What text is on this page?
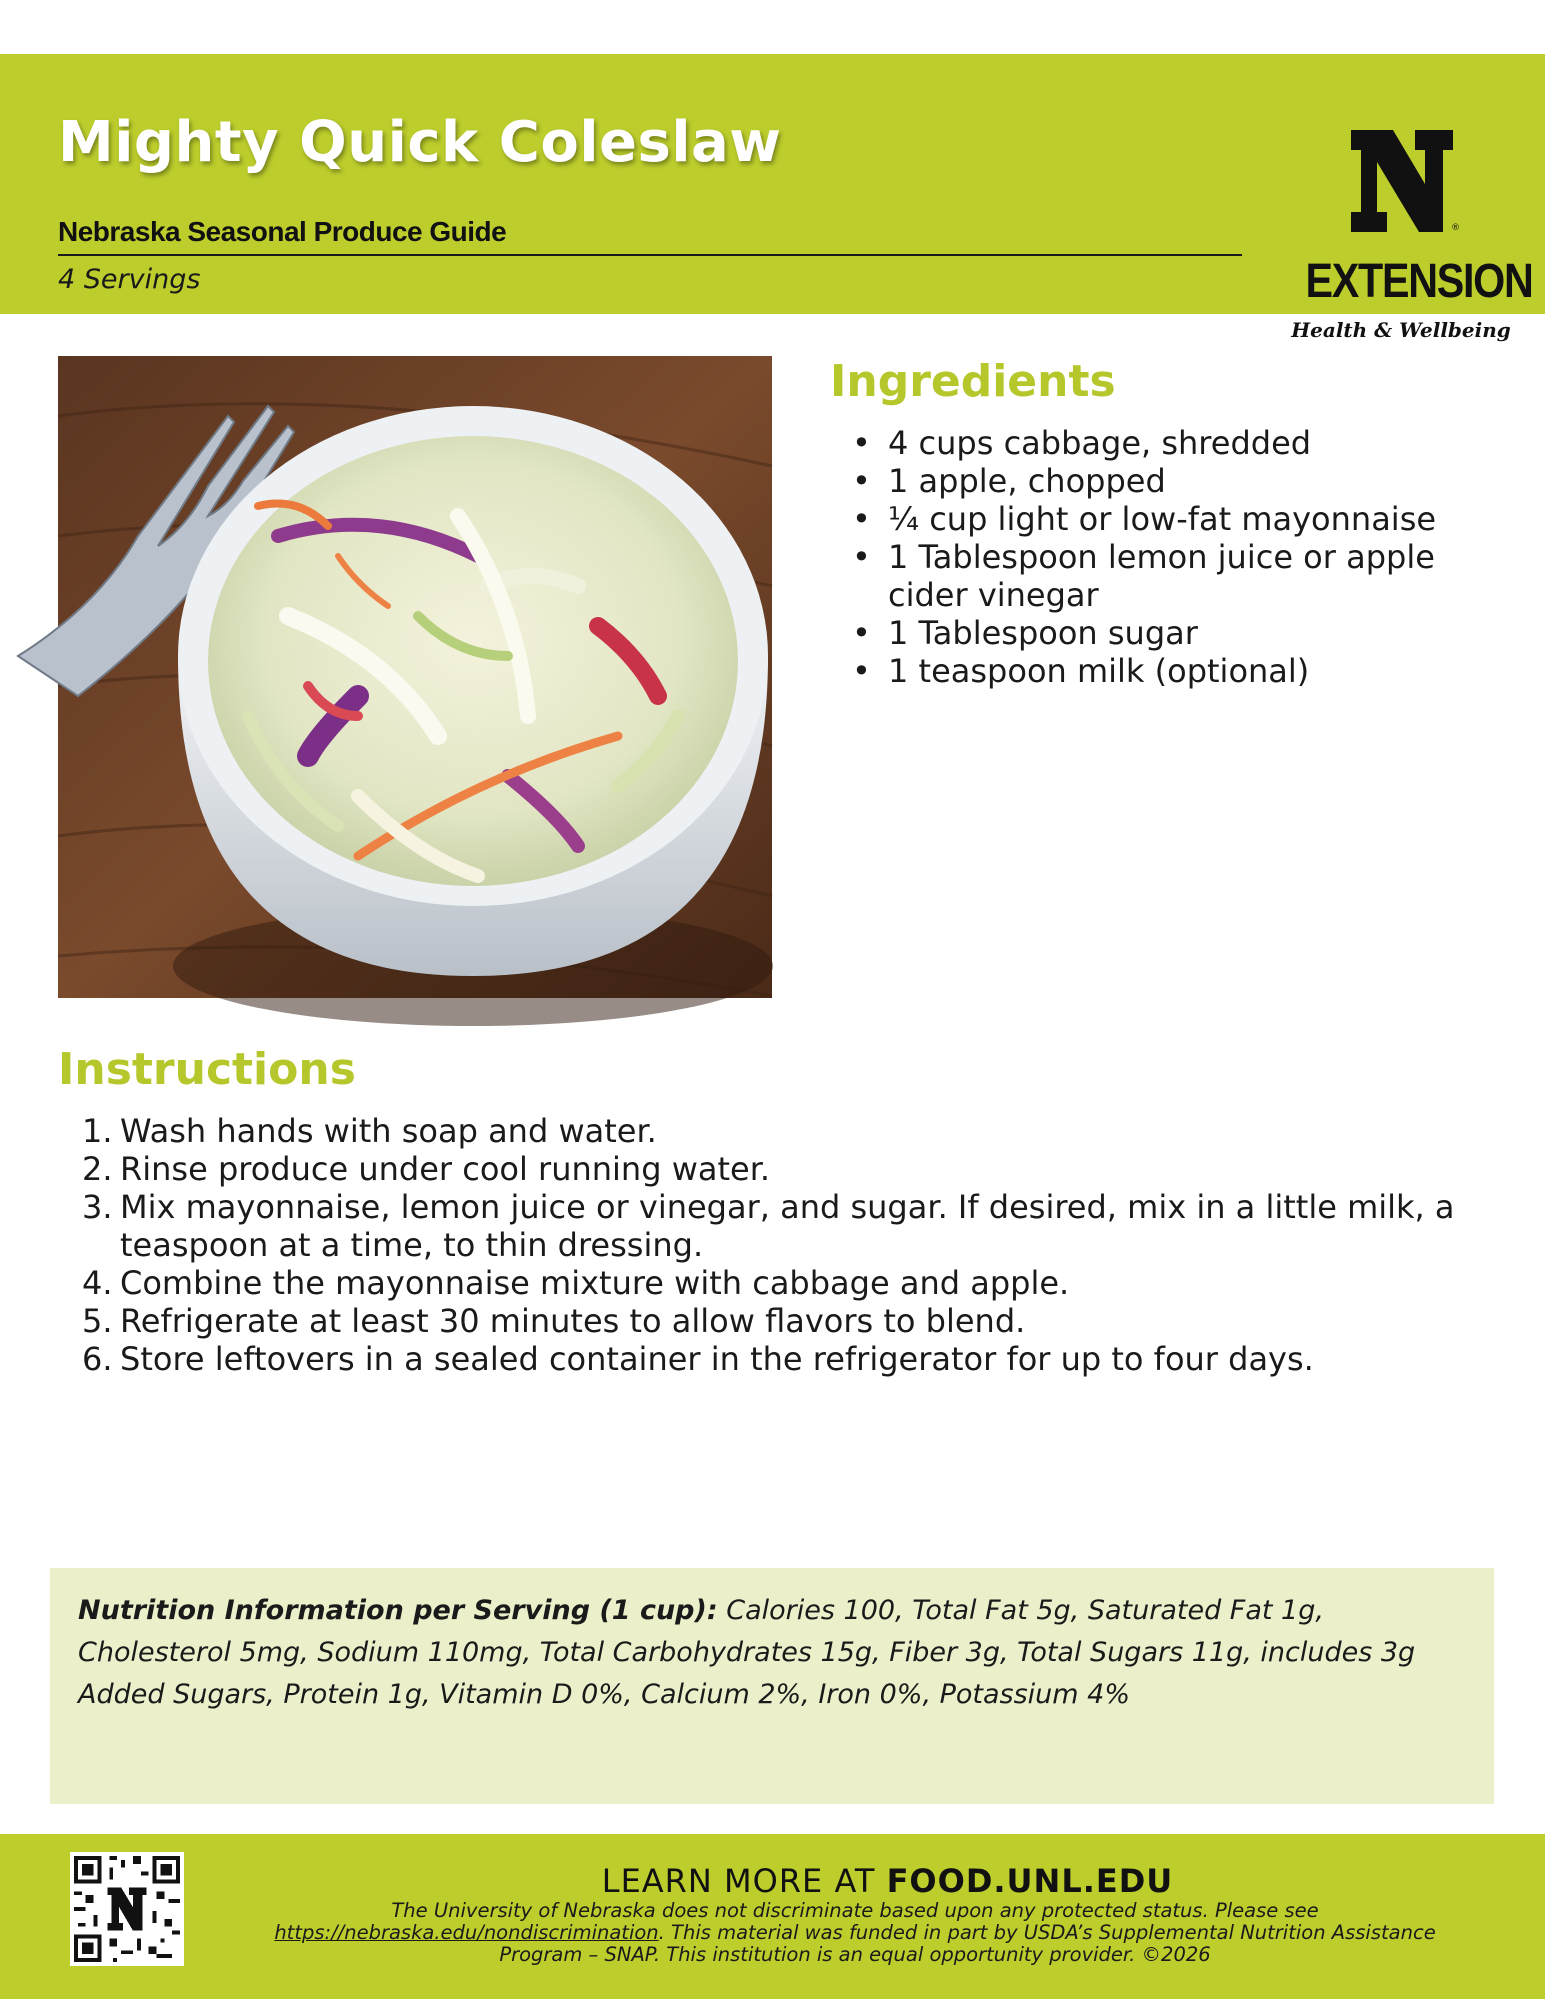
Mighty Quick Coleslaw
Nebraska Seasonal Produce Guide
4 Servings
®
EXTENSION
Health & Wellbeing
Ingredients
• 4 cups cabbage, shredded
• 1 apple, chopped
• ¼ cup light or low-fat mayonnaise
• 1 Tablespoon lemon juice or apple cider vinegar
• 1 Tablespoon sugar
• 1 teaspoon milk (optional)
Instructions
1. Wash hands with soap and water.
2. Rinse produce under cool running water.
3. Mix mayonnaise, lemon juice or vinegar, and sugar. If desired, mix in a little milk, a teaspoon at a time, to thin dressing.
4. Combine the mayonnaise mixture with cabbage and apple.
5. Refrigerate at least 30 minutes to allow flavors to blend.
6. Store leftovers in a sealed container in the refrigerator for up to four days.

Nutrition Information per Serving (1 cup): Calories 100, Total Fat 5g, Saturated Fat 1g, Cholesterol 5mg, Sodium 110mg, Total Carbohydrates 15g, Fiber 3g, Total Sugars 11g, includes 3g Added Sugars, Protein 1g, Vitamin D 0%, Calcium 2%, Iron 0%, Potassium 4%

LEARN MORE AT FOOD.UNL.EDU
The University of Nebraska does not discriminate based upon any protected status. Please see https://nebraska.edu/nondiscrimination. This material was funded in part by USDA’s Supplemental Nutrition Assistance Program – SNAP. This institution is an equal opportunity provider. ©2026
